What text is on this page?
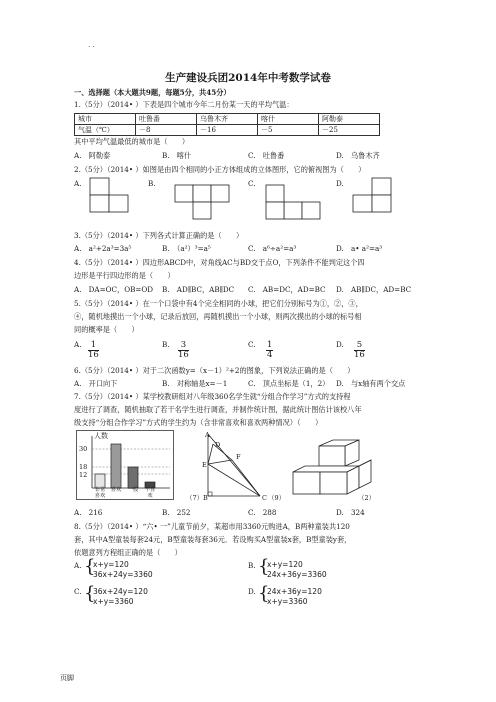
. .
生产建设兵团2014年中考数学试卷
一、选择题（本大题共9题，每题5分，共45分）
1.（5分）（2014• ）下表是四个城市今年二月份某一天的平均气温：
城市	吐鲁番	乌鲁木齐	喀什	阿勒泰
气温（℃）	－8	－16	－5	－25
其中平均气温最低的城市是（　　）
A.　阿勒泰	B.　喀什	C.　吐鲁番	D.　乌鲁木齐
2.（5分）（2014• ）如图是由四个相同的小正方体组成的立体图形，它的俯视图为（　　）
A.	B.	C.	D.
3.（5分）（2014• ）下列各式计算正确的是（　　）
A.　a²+2a³=3a⁵	B.　（a²）³=a⁵	C.　a⁶÷a²=a³	D.　a• a²=a³
4.（5分）（2014• ）四边形ABCD中，对角线AC与BD交于点O，下列条件不能判定这个四
边形是平行四边形的是（　　）
A.　DA=OC，OB=OD B.　AD∥BC，AB∥DC C.　AB=DC，AD=BC D.　AB∥DC，AD=BC
5.（5分）（2014• ）在一个口袋中有4个完全相同的小球，把它们分别标号为①，②，③，
④，随机地摸出一个小球，记录后放回，再随机摸出一个小球，则两次摸出的小球的标号相
同的概率是（　　）
A. $\frac{1}{16}$	B. $\frac{3}{16}$	C. $\frac{1}{4}$	D. $\frac{5}{16}$
6.（5分）（2014• ）对于二次函数y=（x－1）²+2的图象，下列说法正确的是（　　）
A.　开口向下	B.　对称轴是x=－1	C.　顶点坐标是（1，2） D.　与x轴有两个交点
7.（5分）（2014• ）某学校教研组对八年级360名学生就“分组合作学习”方式的支持程
度进行了调查，随机抽取了若干名学生进行调查，并制作统计图，据此统计图估计该校八年
级支持“分组合作学习”方式的学生约为（含非常喜欢和喜欢两种情况）（　　）
人数
30
18
12
非常
喜欢
喜欢	一般	不喜
欢
A
D
F
E
B	C
（7）	（9）	（2）
A.　216	B.　252	C.　288	D.　324
8.（5分）（2014• ）“六• 一”儿童节前夕，某超市用3360元购进A，B两种童装共120
套，其中A型童装每套24元，B型童装每套36元．若设购买A型童装x套，B型童装y套，
依题意列方程组正确的是（　　）
A. {
x+y=120
36x+24y=3360
B. {
x+y=120
24x+36y=3360
C. {
36x+24y=120
x+y=3360
D. {
24x+36y=120
x+y=3360
页脚
